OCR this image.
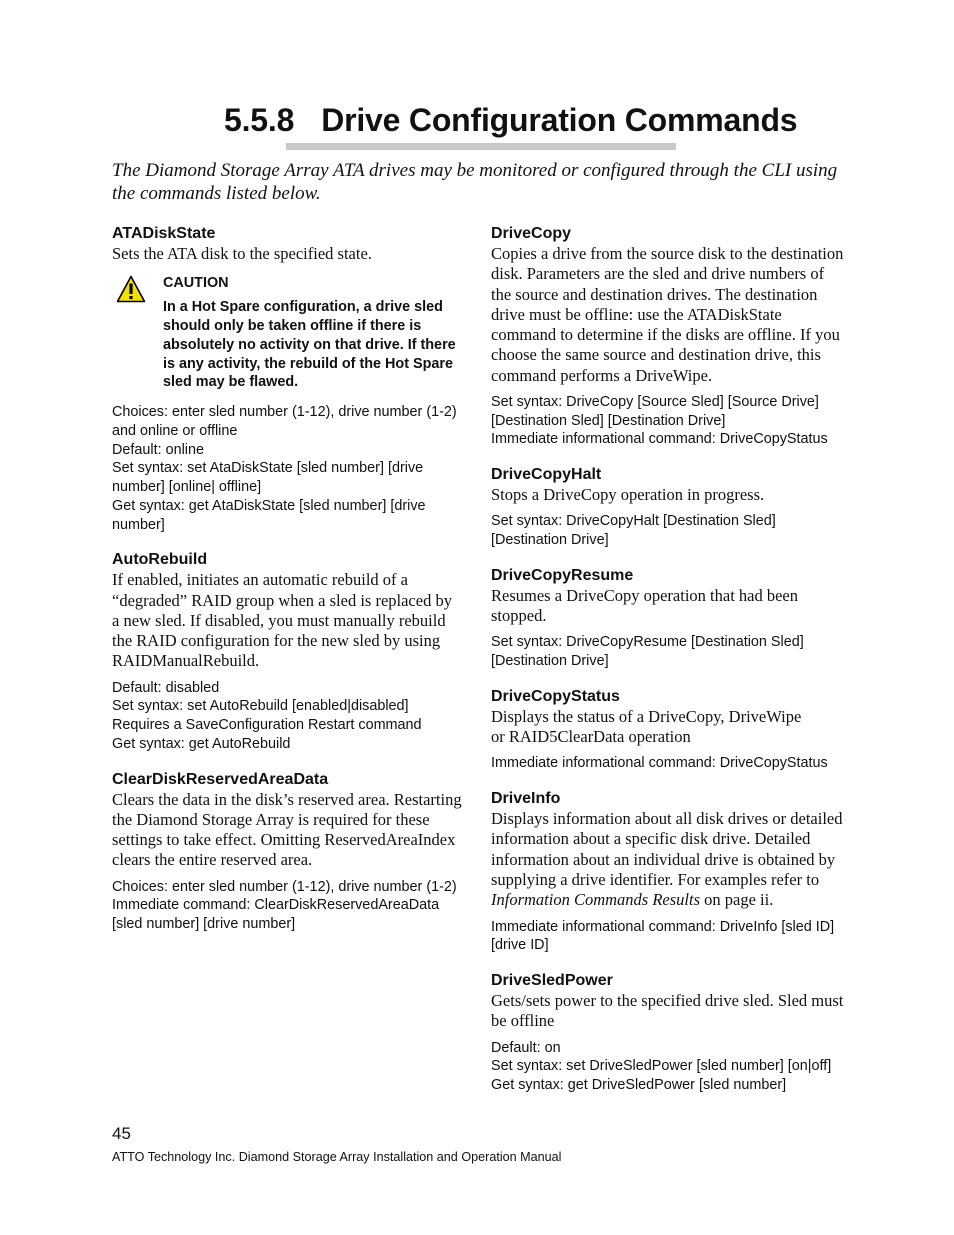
5.5.8 Drive Configuration Commands

The Diamond Storage Array ATA drives may be monitored or configured through the CLI using the commands listed below.

ATADiskState

Sets the ATA disk to the specified state.

CAUTION
In a Hot Spare configuration, a drive sled should only be taken offline if there is absolutely no activity on that drive. If there is any activity, the rebuild of the Hot Spare sled may be flawed.

Choices: enter sled number (1-12), drive number (1-2) and online or offline

Default: online

Set syntax: set AtaDiskState [sled number] [drive number] [online| offline]

Get syntax: get AtaDiskState [sled number] [drive number]

AutoRebuild

If enabled, initiates an automatic rebuild of a “degraded” RAID group when a sled is replaced by a new sled. If disabled, you must manually rebuild the RAID configuration for the new sled by using RAIDManualRebuild.

Default: disabled

Set syntax: set AutoRebuild [enabled|disabled]

Requires a SaveConfiguration Restart command

Get syntax: get AutoRebuild

ClearDiskReservedAreaData

Clears the data in the disk’s reserved area. Restarting the Diamond Storage Array is required for these settings to take effect. Omitting ReservedAreaIndex clears the entire reserved area.

Choices: enter sled number (1-12), drive number (1-2)

Immediate command: ClearDiskReservedAreaData [sled number] [drive number]

DriveCopy

Copies a drive from the source disk to the destination disk. Parameters are the sled and drive numbers of the source and destination drives. The destination drive must be offline: use the ATADiskState command to determine if the disks are offline. If you choose the same source and destination drive, this command performs a DriveWipe.

Set syntax: DriveCopy [Source Sled] [Source Drive] [Destination Sled] [Destination Drive]

Immediate informational command: DriveCopyStatus

DriveCopyHalt

Stops a DriveCopy operation in progress.

Set syntax: DriveCopyHalt [Destination Sled] [Destination Drive]

DriveCopyResume

Resumes a DriveCopy operation that had been stopped.

Set syntax: DriveCopyResume [Destination Sled] [Destination Drive]

DriveCopyStatus

Displays the status of a DriveCopy, DriveWipe or RAID5ClearData operation

Immediate informational command: DriveCopyStatus

DriveInfo

Displays information about all disk drives or detailed information about a specific disk drive. Detailed information about an individual drive is obtained by supplying a drive identifier. For examples refer to Information Commands Results on page ii.

Immediate informational command: DriveInfo [sled ID] [drive ID]

DriveSledPower

Gets/sets power to the specified drive sled. Sled must be offline

Default: on

Set syntax: set DriveSledPower [sled number] [on|off]

Get syntax: get DriveSledPower [sled number]

45
ATTO Technology Inc. Diamond Storage Array Installation and Operation Manual
